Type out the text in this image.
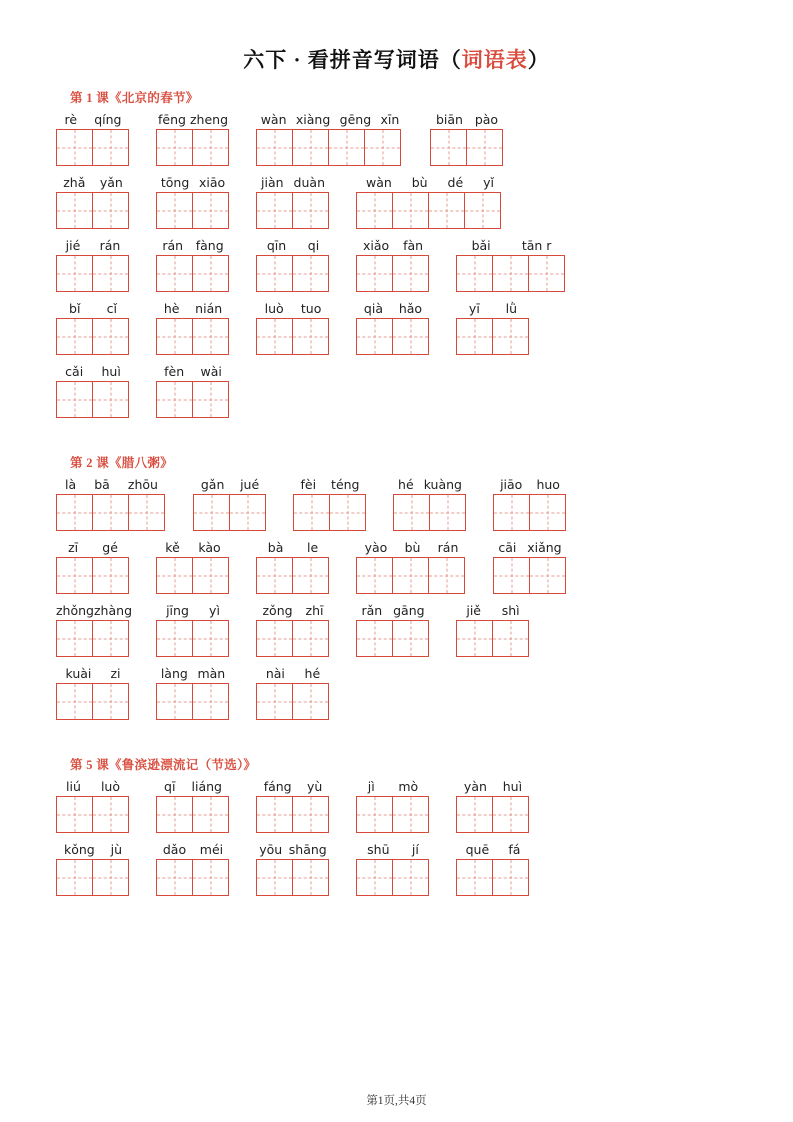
六下 · 看拼音写词语（词语表）
第 1 课《北京的春节》
rè	qíng	fēng zheng	wàn xiàng gēng xīn	biān pào
zhǎ	yǎn	tōng xiāo	jiàn duàn	wàn	bù	dé	yǐ
jié	rán	rán	fàng	qīn	qi	xiǎo	fàn	bǎi	tān r
bǐ	cǐ	hè	nián	luò	tuo	qià	hǎo	yī	lǜ
cǎi	huì	fèn	wài
第 2 课《腊八粥》
là	bā	zhōu	gǎn	jué	fèi	téng	hé kuàng	jiāo	huo
zī	gé	kě	kào	bà	le	yào	bù	rán	cāi xiǎng
zhǒng zhàng	jīng	yì	zǒng	zhī	rǎn gāng	jiě	shì
kuài	zi	làng màn	nài	hé
第 5 课《鲁滨逊漂流记（节选）》
liú	luò	qī	liáng	fáng	yù	jì	mò	yàn	huì
kǒng	jù	dǎo	méi	yōu shāng	shū	jí	quē	fá
第1页,共4页
